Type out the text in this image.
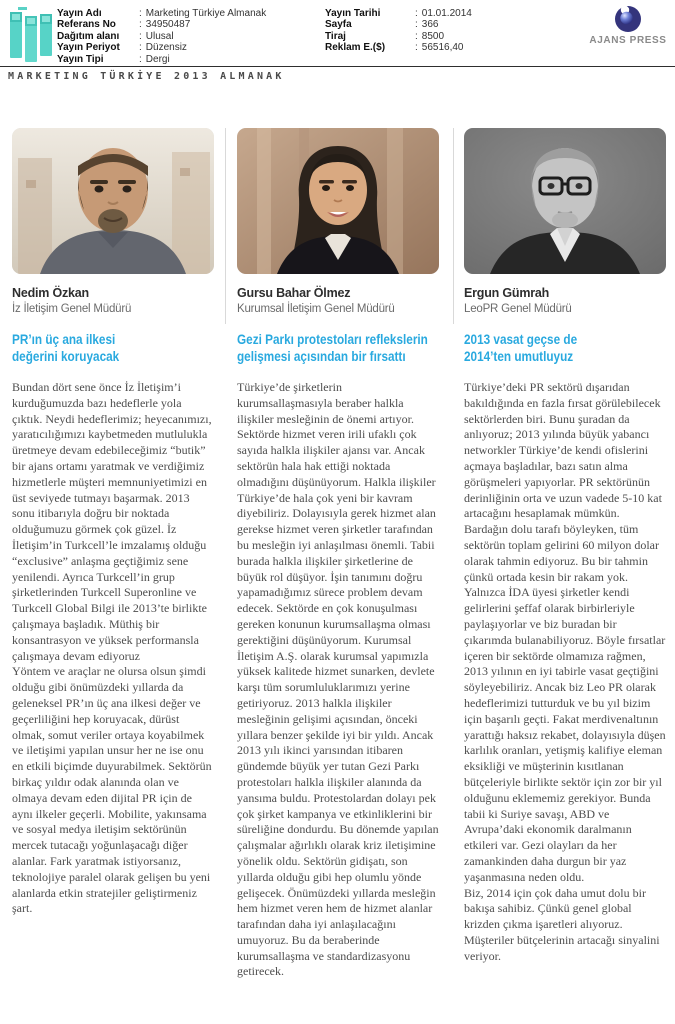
Yayın Adı	: Marketing Türkiye Almanak
Referans No	: 34950487
Dağıtım alanı	: Ulusal
Yayın Periyot	: Düzensiz
Yayın Tipi	: Dergi
Yayın Tarihi	: 01.01.2014
Sayfa	: 366
Tiraj	: 8500
Reklam E.($)	: 56516,40
AJANS PRESS
MARKETING TÜRKİYE 2013 ALMANAK
Nedim Özkan
İz İletişim Genel Müdürü
PR’ın üç ana ilkesi
değerini koruyacak

Bundan dört sene önce İz İletişim’i kurduğumuzda bazı hedeflerle yola çıktık. Neydi hedeflerimiz; heyecanımızı, yaratıcılığımızı kaybetmeden mutlulukla üretmeye devam edebileceğimiz “butik” bir ajans ortamı yaratmak ve verdiğimiz hizmetlerle müşteri memnuniyetimizi en üst seviyede tutmayı başarmak. 2013 sonu itibarıyla doğru bir noktada olduğumuzu görmek çok güzel. İz İletişim’in Turkcell’le imzalamış olduğu “exclusive” anlaşma geçtiğimiz sene yenilendi. Ayrıca Turkcell’in grup şirketlerinden Turkcell Superonline ve Turkcell Global Bilgi ile 2013’te birlikte çalışmaya başladık. Müthiş bir konsantrasyon ve yüksek performansla çalışmaya devam ediyoruz

Yöntem ve araçlar ne olursa olsun şimdi olduğu gibi önümüzdeki yıllarda da geleneksel PR’ın üç ana ilkesi değer ve geçerliliğini hep koruyacak, dürüst olmak, somut veriler ortaya koyabilmek ve iletişimi yapılan unsur her ne ise onu en etkili biçimde duyurabilmek. Sektörün birkaç yıldır odak alanında olan ve olmaya devam eden dijital PR için de aynı ilkeler geçerli. Mobilite, yakınsama ve sosyal medya iletişim sektörünün mercek tutacağı yoğunlaşacağı diğer alanlar. Fark yaratmak istiyorsanız, teknolojiye paralel olarak gelişen bu yeni alanlarda etkin stratejiler geliştirmeniz şart.

Gursu Bahar Ölmez
Kurumsal İletişim Genel Müdürü
Gezi Parkı protestoları reflekslerin
gelişmesi açısından bir fırsattı

Türkiye’de şirketlerin kurumsallaşmasıyla beraber halkla ilişkiler mesleğinin de önemi artıyor. Sektörde hizmet veren irili ufaklı çok sayıda halkla ilişkiler ajansı var. Ancak sektörün hala hak ettiği noktada olmadığını düşünüyorum. Halkla ilişkiler Türkiye’de hala çok yeni bir kavram diyebiliriz. Dolayısıyla gerek hizmet alan gerekse hizmet veren şirketler tarafından bu mesleğin iyi anlaşılması önemli. Tabii burada halkla ilişkiler şirketlerine de büyük rol düşüyor. İşin tanımını doğru yapamadığımız sürece problem devam edecek. Sektörde en çok konuşulması gereken konunun kurumsallaşma olması gerektiğini düşünüyorum. Kurumsal İletişim A.Ş. olarak kurumsal yapımızla yüksek kalitede hizmet sunarken, devlete karşı tüm sorumluluklarımızı yerine getiriyoruz. 2013 halkla ilişkiler mesleğinin gelişimi açısından, önceki yıllara benzer şekilde iyi bir yıldı. Ancak 2013 yılı ikinci yarısından itibaren gündemde büyük yer tutan Gezi Parkı protestoları halkla ilişkiler alanında da yansıma buldu. Protestolardan dolayı pek çok şirket kampanya ve etkinliklerini bir süreliğine dondurdu. Bu dönemde yapılan çalışmalar ağırlıklı olarak kriz iletişimine yönelik oldu. Sektörün gidişatı, son yıllarda olduğu gibi hep olumlu yönde gelişecek. Önümüzdeki yıllarda mesleğin hem hizmet veren hem de hizmet alanlar tarafından daha iyi anlaşılacağını umuyoruz. Bu da beraberinde kurumsallaşma ve standardizasyonu getirecek.

Ergun Gümrah
LeoPR Genel Müdürü
2013 vasat geçse de
2014’ten umutluyuz

Türkiye’deki PR sektörü dışarıdan bakıldığında en fazla fırsat görülebilecek sektörlerden biri. Bunu şuradan da anlıyoruz; 2013 yılında büyük yabancı networkler Türkiye’de kendi ofislerini açmaya başladılar, bazı satın alma görüşmeleri yapıyorlar. PR sektörünün derinliğinin orta ve uzun vadede 5-10 kat artacağını hesaplamak mümkün. Bardağın dolu tarafı böyleyken, tüm sektörün toplam gelirini 60 milyon dolar olarak tahmin ediyoruz. Bu bir tahmin çünkü ortada kesin bir rakam yok. Yalnızca İDA üyesi şirketler kendi gelirlerini şeffaf olarak birbirleriyle paylaşıyorlar ve biz buradan bir çıkarımda bulanabiliyoruz. Böyle fırsatlar içeren bir sektörde olmamıza rağmen, 2013 yılının en iyi tabirle vasat geçtiğini söyleyebiliriz. Ancak biz Leo PR olarak hedeflerimizi tutturduk ve bu yıl bizim için başarılı geçti. Fakat merdivenaltının yarattığı haksız rekabet, dolayısıyla düşen karlılık oranları, yetişmiş kalifiye eleman eksikliği ve müşterinin kısıtlanan bütçeleriyle birlikte sektör için zor bir yıl olduğunu eklememiz gerekiyor. Bunda tabii ki Suriye savaşı, ABD ve Avrupa’daki ekonomik daralmanın etkileri var. Gezi olayları da her zamankinden daha durgun bir yaz yaşanmasına neden oldu.

Biz, 2014 için çok daha umut dolu bir bakışa sahibiz. Çünkü genel global krizden çıkma işaretleri alıyoruz. Müşteriler bütçelerinin artacağı sinyalini veriyor.
